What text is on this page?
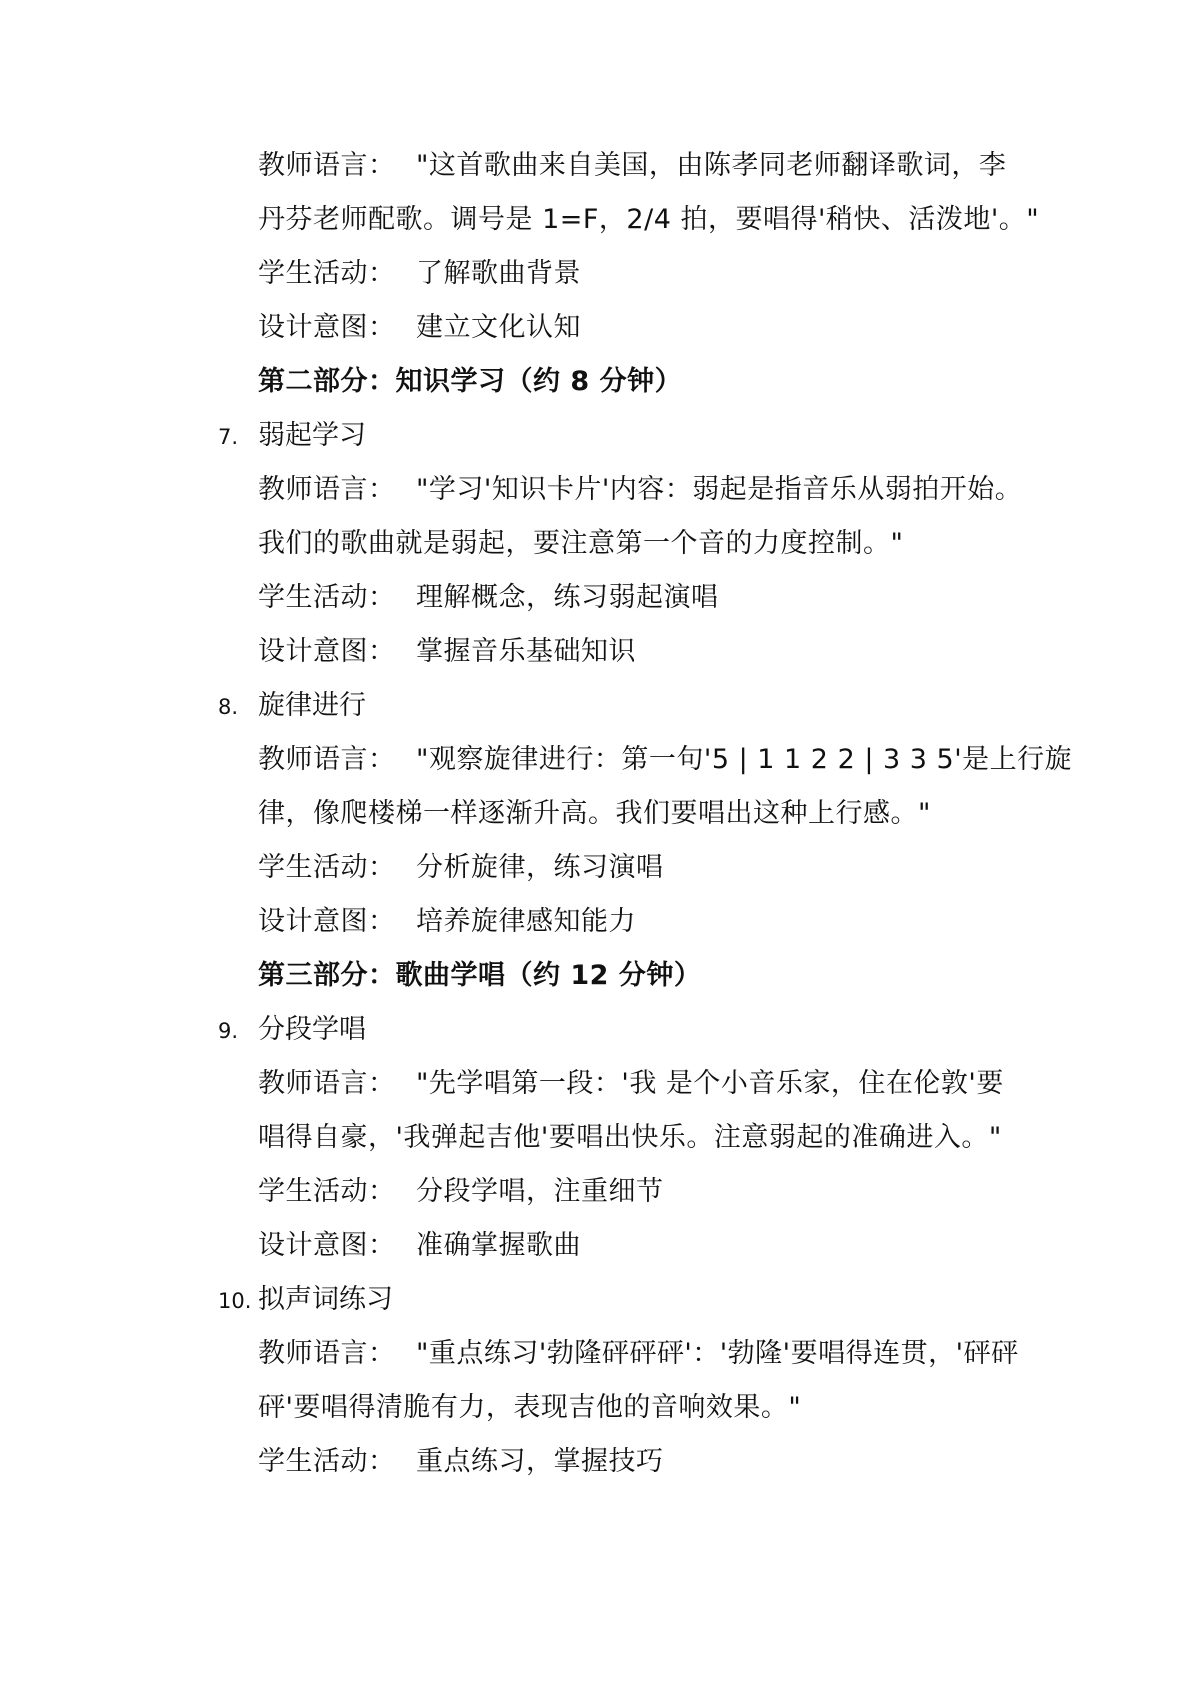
教师语言： "这首歌曲来自美国，由陈孝同老师翻译歌词，李
丹芬老师配歌。调号是 1=F，2/4 拍，要唱得'稍快、活泼地'。"
学生活动： 了解歌曲背景
设计意图： 建立文化认知
第二部分：知识学习（约 8 分钟）
7. 弱起学习
教师语言： "学习'知识卡片'内容：弱起是指音乐从弱拍开始。
我们的歌曲就是弱起，要注意第一个音的力度控制。"
学生活动： 理解概念，练习弱起演唱
设计意图： 掌握音乐基础知识
8. 旋律进行
教师语言： "观察旋律进行：第一句'5 | 1 1 2 2 | 3 3 5'是上行旋
律，像爬楼梯一样逐渐升高。我们要唱出这种上行感。"
学生活动： 分析旋律，练习演唱
设计意图： 培养旋律感知能力
第三部分：歌曲学唱（约 12 分钟）
9. 分段学唱
教师语言： "先学唱第一段：'我 是个小音乐家，住在伦敦'要
唱得自豪，'我弹起吉他'要唱出快乐。注意弱起的准确进入。"
学生活动： 分段学唱，注重细节
设计意图： 准确掌握歌曲
10. 拟声词练习
教师语言： "重点练习'勃隆砰砰砰'：'勃隆'要唱得连贯，'砰砰
砰'要唱得清脆有力，表现吉他的音响效果。"
学生活动： 重点练习，掌握技巧
